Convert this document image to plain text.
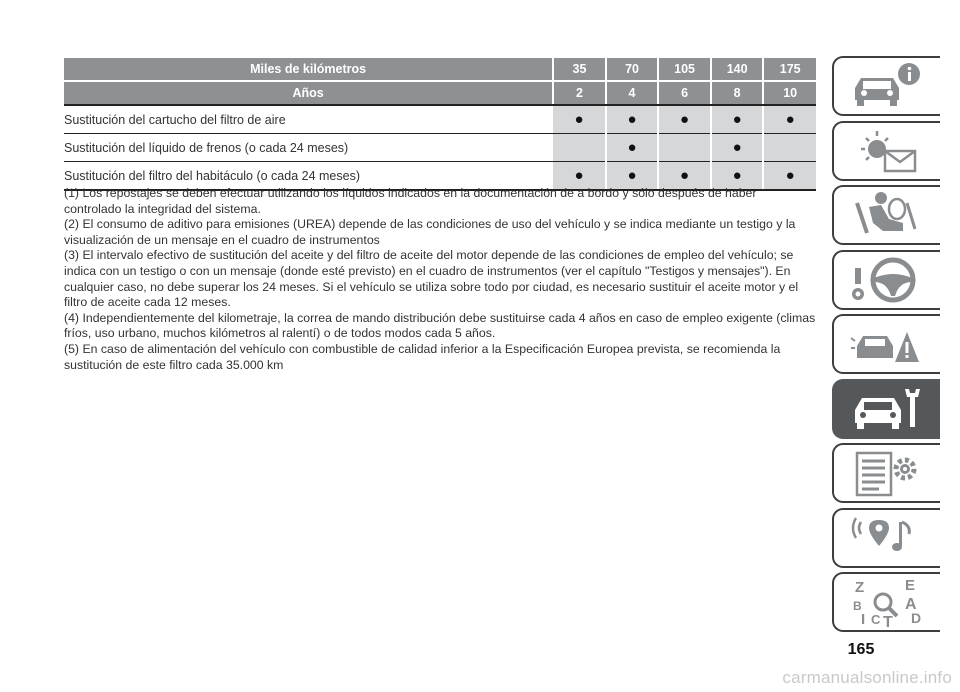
Miles de kilómetros	35	70	105	140	175
Años	2	4	6	8	10
Sustitución del cartucho del filtro de aire	●	●	●	●	●
Sustitución del líquido de frenos (o cada 24 meses)		●		●	
Sustitución del filtro del habitáculo (o cada 24 meses)	●	●	●	●	●

(1) Los repostajes se deben efectuar utilizando los líquidos indicados en la documentación de a bordo y sólo después de haber controlado la integridad del sistema.

(2) El consumo de aditivo para emisiones (UREA) depende de las condiciones de uso del vehículo y se indica mediante un testigo y la visualización de un mensaje en el cuadro de instrumentos

(3) El intervalo efectivo de sustitución del aceite y del filtro de aceite del motor depende de las condiciones de empleo del vehículo; se indica con un testigo o con un mensaje (donde esté previsto) en el cuadro de instrumentos (ver el capítulo "Testigos y mensajes"). En cualquier caso, no debe superar los 24 meses. Si el vehículo se utiliza sobre todo por ciudad, es necesario sustituir el aceite motor y el filtro de aceite cada 12 meses.

(4) Independientemente del kilometraje, la correa de mando distribución debe sustituirse cada 4 años en caso de empleo exigente (climas fríos, uso urbano, muchos kilómetros al ralentí) o de todos modos cada 5 años.

(5) En caso de alimentación del vehículo con combustible de calidad inferior a la Especificación Europea prevista, se recomienda la sustitución de este filtro cada 35.000 km

Z	E
B	A
I C T D
165
carmanualsonline.info
